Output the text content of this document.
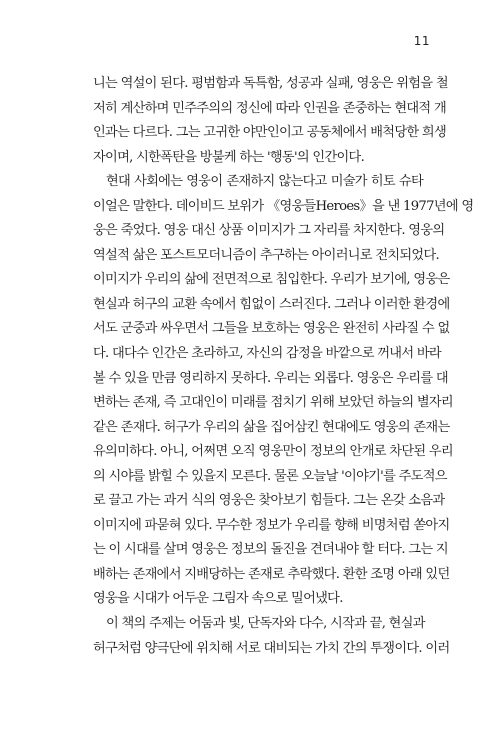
11
니는 역설이 된다. 평범함과 독특함, 성공과 실패, 영웅은 위험을 철
저히 계산하며 민주주의의 정신에 따라 인권을 존중하는 현대적 개
인과는 다르다. 그는 고귀한 야만인이고 공동체에서 배척당한 희생
자이며, 시한폭탄을 방불케 하는 '행동'의 인간이다.
현대 사회에는 영웅이 존재하지 않는다고 미술가 히토 슈타
이얼은 말한다. 데이비드 보위가 《영웅들Heroes》을 낸 1977년에 영
웅은 죽었다. 영웅 대신 상품 이미지가 그 자리를 차지한다. 영웅의
역설적 삶은 포스트모더니즘이 추구하는 아이러니로 전치되었다.
이미지가 우리의 삶에 전면적으로 침입한다. 우리가 보기에, 영웅은
현실과 허구의 교환 속에서 힘없이 스러진다. 그러나 이러한 환경에
서도 군중과 싸우면서 그들을 보호하는 영웅은 완전히 사라질 수 없
다. 대다수 인간은 초라하고, 자신의 감정을 바깥으로 꺼내서 바라
볼 수 있을 만큼 영리하지 못하다. 우리는 외롭다. 영웅은 우리를 대
변하는 존재, 즉 고대인이 미래를 점치기 위해 보았던 하늘의 별자리
같은 존재다. 허구가 우리의 삶을 집어삼킨 현대에도 영웅의 존재는
유의미하다. 아니, 어쩌면 오직 영웅만이 정보의 안개로 차단된 우리
의 시야를 밝힐 수 있을지 모른다. 물론 오늘날 '이야기'를 주도적으
로 끌고 가는 과거 식의 영웅은 찾아보기 힘들다. 그는 온갖 소음과
이미지에 파묻혀 있다. 무수한 정보가 우리를 향해 비명처럼 쏟아지
는 이 시대를 살며 영웅은 정보의 돌진을 견뎌내야 할 터다. 그는 지
배하는 존재에서 지배당하는 존재로 추락했다. 환한 조명 아래 있던
영웅을 시대가 어두운 그림자 속으로 밀어냈다.
이 책의 주제는 어둠과 빛, 단독자와 다수, 시작과 끝, 현실과
허구처럼 양극단에 위치해 서로 대비되는 가치 간의 투쟁이다. 이러
